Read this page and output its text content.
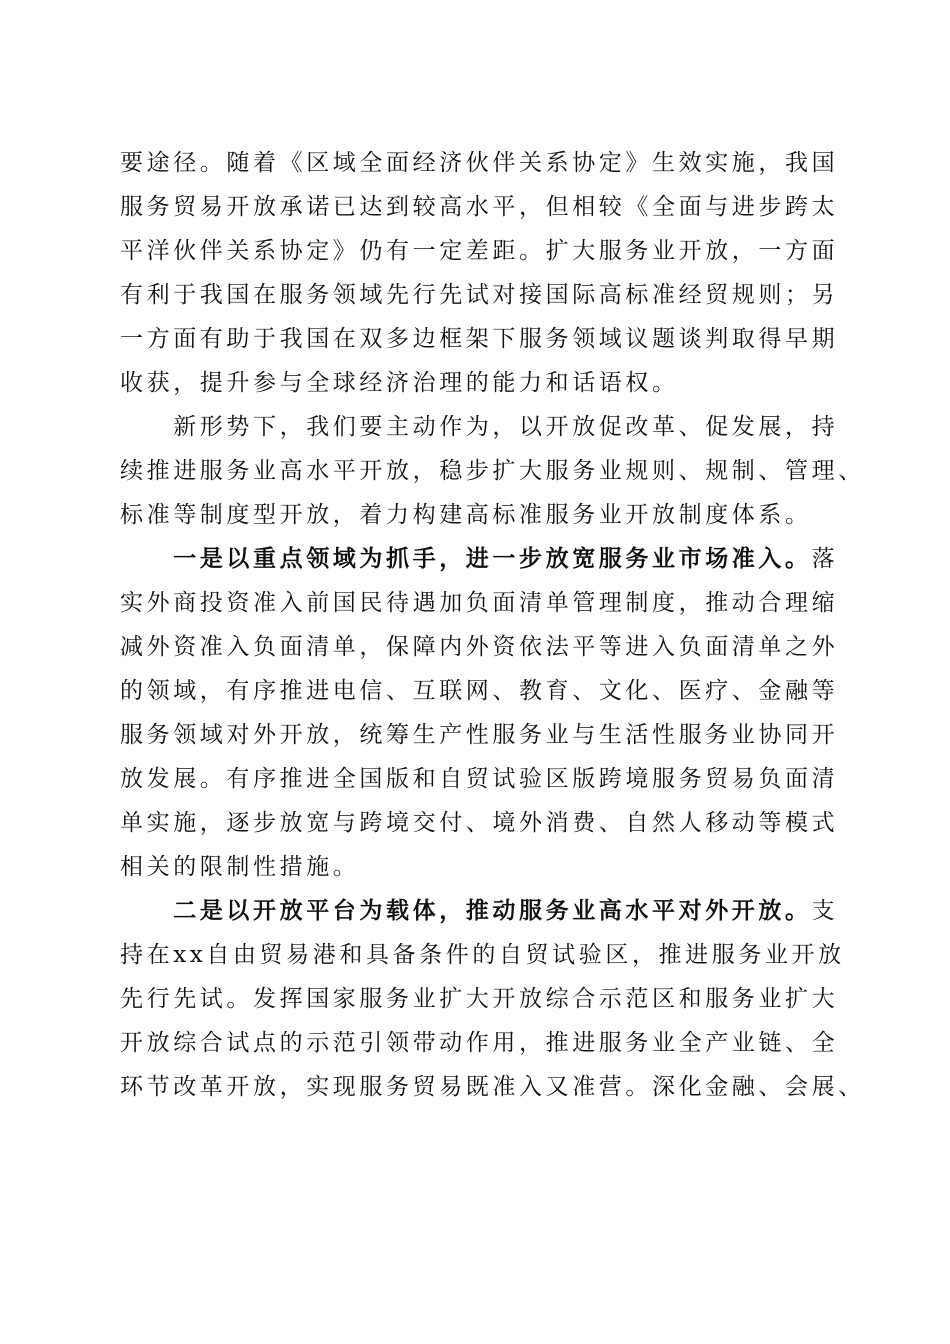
要途径。随着《区域全面经济伙伴关系协定》生效实施，我国
服务贸易开放承诺已达到较高水平，但相较《全面与进步跨太
平洋伙伴关系协定》仍有一定差距。扩大服务业开放，一方面
有利于我国在服务领域先行先试对接国际高标准经贸规则；另
一方面有助于我国在双多边框架下服务领域议题谈判取得早期
收获，提升参与全球经济治理的能力和话语权。
　　新形势下，我们要主动作为，以开放促改革、促发展，持
续推进服务业高水平开放，稳步扩大服务业规则、规制、管理、
标准等制度型开放，着力构建高标准服务业开放制度体系。
　　一是以重点领域为抓手，进一步放宽服务业市场准入。落
实外商投资准入前国民待遇加负面清单管理制度，推动合理缩
减外资准入负面清单，保障内外资依法平等进入负面清单之外
的领域，有序推进电信、互联网、教育、文化、医疗、金融等
服务领域对外开放，统筹生产性服务业与生活性服务业协同开
放发展。有序推进全国版和自贸试验区版跨境服务贸易负面清
单实施，逐步放宽与跨境交付、境外消费、自然人移动等模式
相关的限制性措施。
　　二是以开放平台为载体，推动服务业高水平对外开放。支
持在xx自由贸易港和具备条件的自贸试验区，推进服务业开放
先行先试。发挥国家服务业扩大开放综合示范区和服务业扩大
开放综合试点的示范引领带动作用，推进服务业全产业链、全
环节改革开放，实现服务贸易既准入又准营。深化金融、会展、
